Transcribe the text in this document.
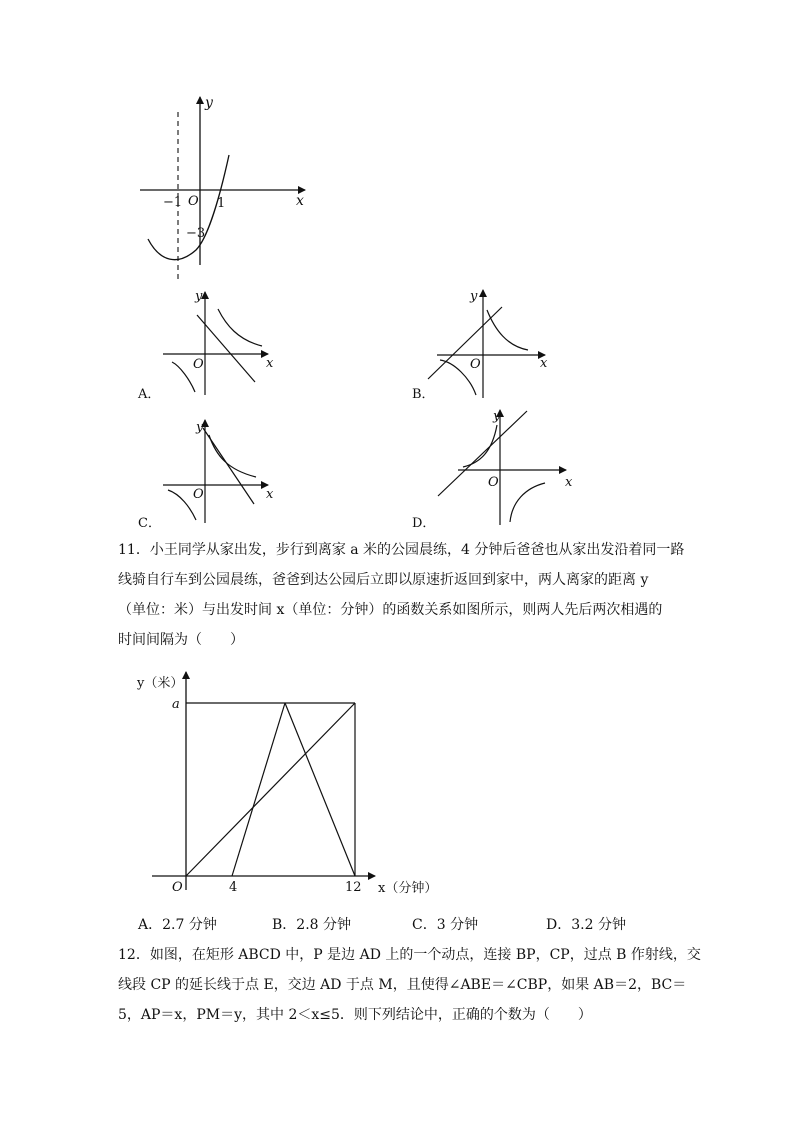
y
x
O
−1	1
−3
y
x
O
A．
y
x
O
B．
y
x
O
C．
y
x
O
D．
y（米）
x（分钟）
a
O	4	12
11．小王同学从家出发，步行到离家 a 米的公园晨练，4 分钟后爸爸也从家出发沿着同一路
线骑自行车到公园晨练，爸爸到达公园后立即以原速折返回到家中，两人离家的距离 y
（单位：米）与出发时间 x（单位：分钟）的函数关系如图所示，则两人先后两次相遇的
时间间隔为（　　）
A．2.7 分钟	B．2.8 分钟	C．3 分钟	D．3.2 分钟
12．如图，在矩形 ABCD 中，P 是边 AD 上的一个动点，连接 BP，CP，过点 B 作射线，交
线段 CP 的延长线于点 E，交边 AD 于点 M，且使得∠ABE＝∠CBP，如果 AB＝2，BC＝
5，AP＝x，PM＝y，其中 2＜x≤5．则下列结论中，正确的个数为（　　）
